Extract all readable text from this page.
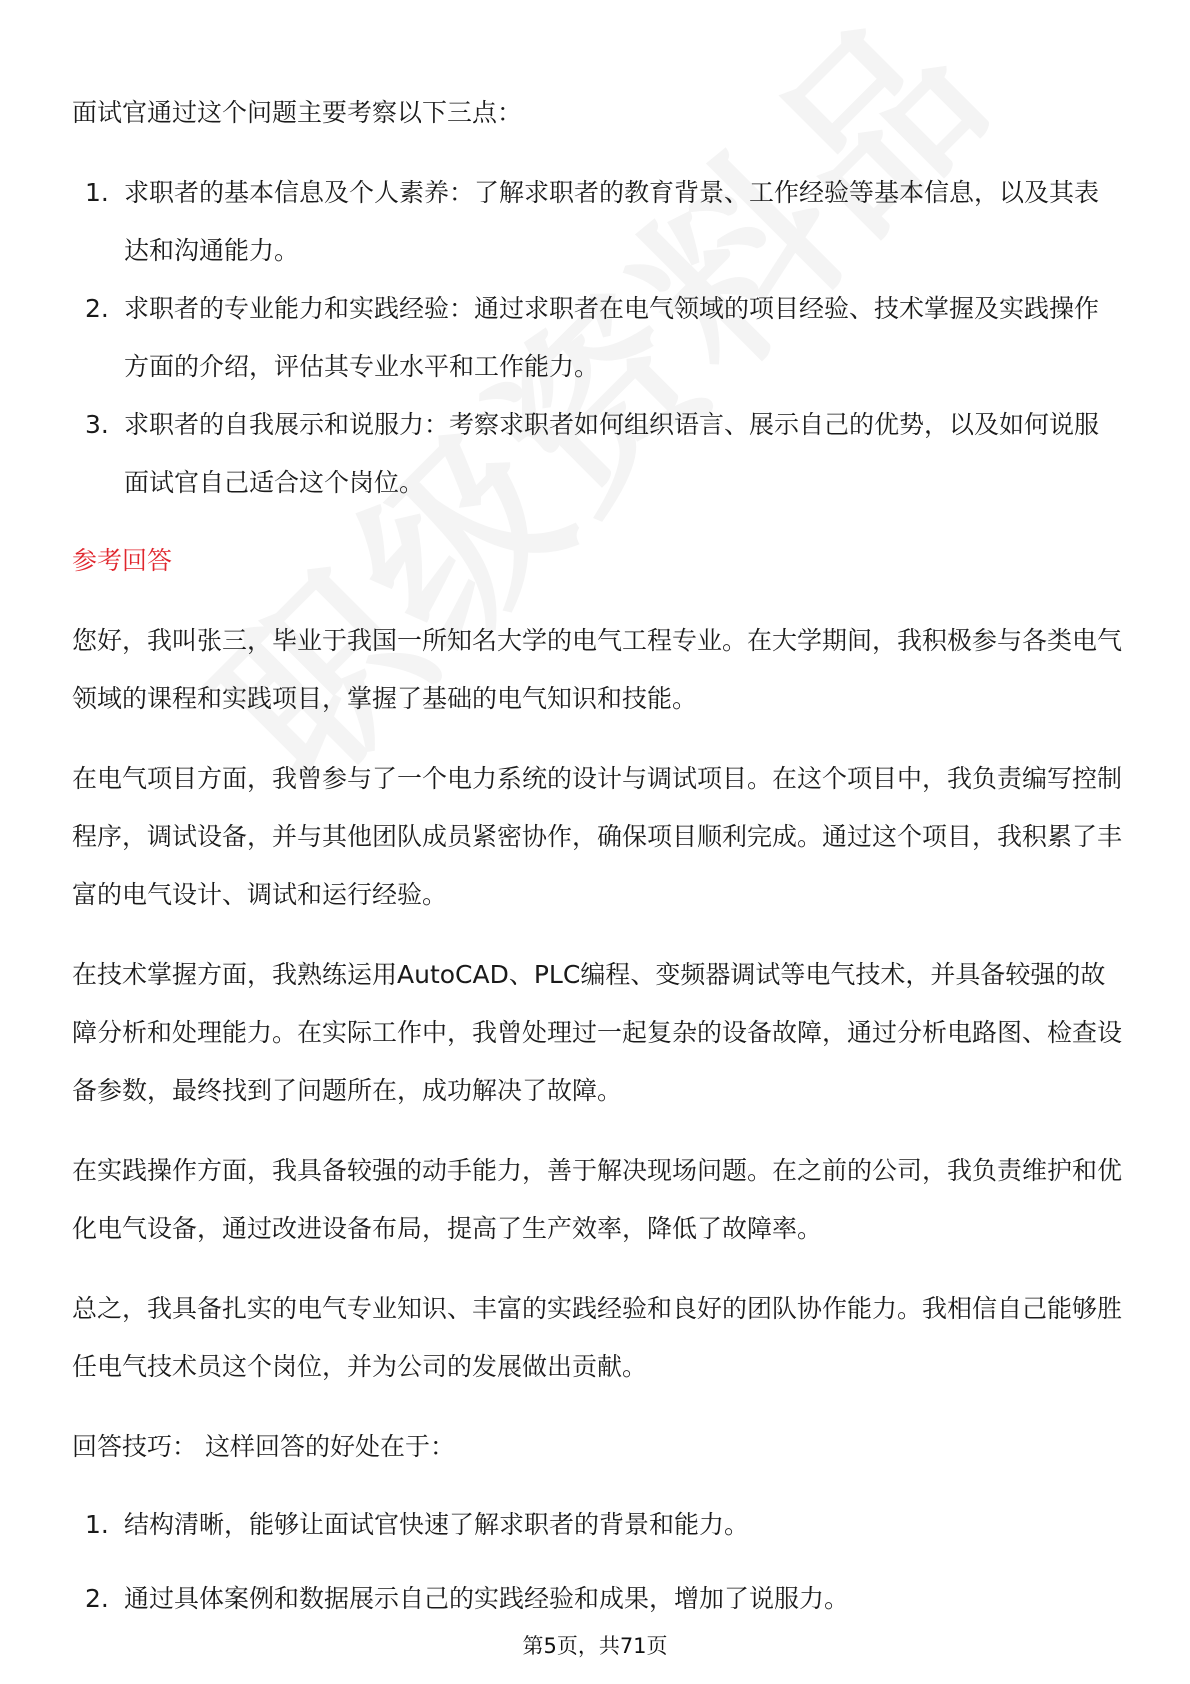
面试官通过这个问题主要考察以下三点：

1. 求职者的基本信息及个人素养：了解求职者的教育背景、工作经验等基本信息，以及其表达和沟通能力。
2. 求职者的专业能力和实践经验：通过求职者在电气领域的项目经验、技术掌握及实践操作方面的介绍，评估其专业水平和工作能力。
3. 求职者的自我展示和说服力：考察求职者如何组织语言、展示自己的优势，以及如何说服面试官自己适合这个岗位。

参考回答

您好，我叫张三，毕业于我国一所知名大学的电气工程专业。在大学期间，我积极参与各类电气领域的课程和实践项目，掌握了基础的电气知识和技能。

在电气项目方面，我曾参与了一个电力系统的设计与调试项目。在这个项目中，我负责编写控制程序，调试设备，并与其他团队成员紧密协作，确保项目顺利完成。通过这个项目，我积累了丰富的电气设计、调试和运行经验。

在技术掌握方面，我熟练运用AutoCAD、PLC编程、变频器调试等电气技术，并具备较强的故障分析和处理能力。在实际工作中，我曾处理过一起复杂的设备故障，通过分析电路图、检查设备参数，最终找到了问题所在，成功解决了故障。

在实践操作方面，我具备较强的动手能力，善于解决现场问题。在之前的公司，我负责维护和优化电气设备，通过改进设备布局，提高了生产效率，降低了故障率。

总之，我具备扎实的电气专业知识、丰富的实践经验和良好的团队协作能力。我相信自己能够胜任电气技术员这个岗位，并为公司的发展做出贡献。

回答技巧： 这样回答的好处在于：

1. 结构清晰，能够让面试官快速了解求职者的背景和能力。
2. 通过具体案例和数据展示自己的实践经验和成果，增加了说服力。
第5页，共71页
